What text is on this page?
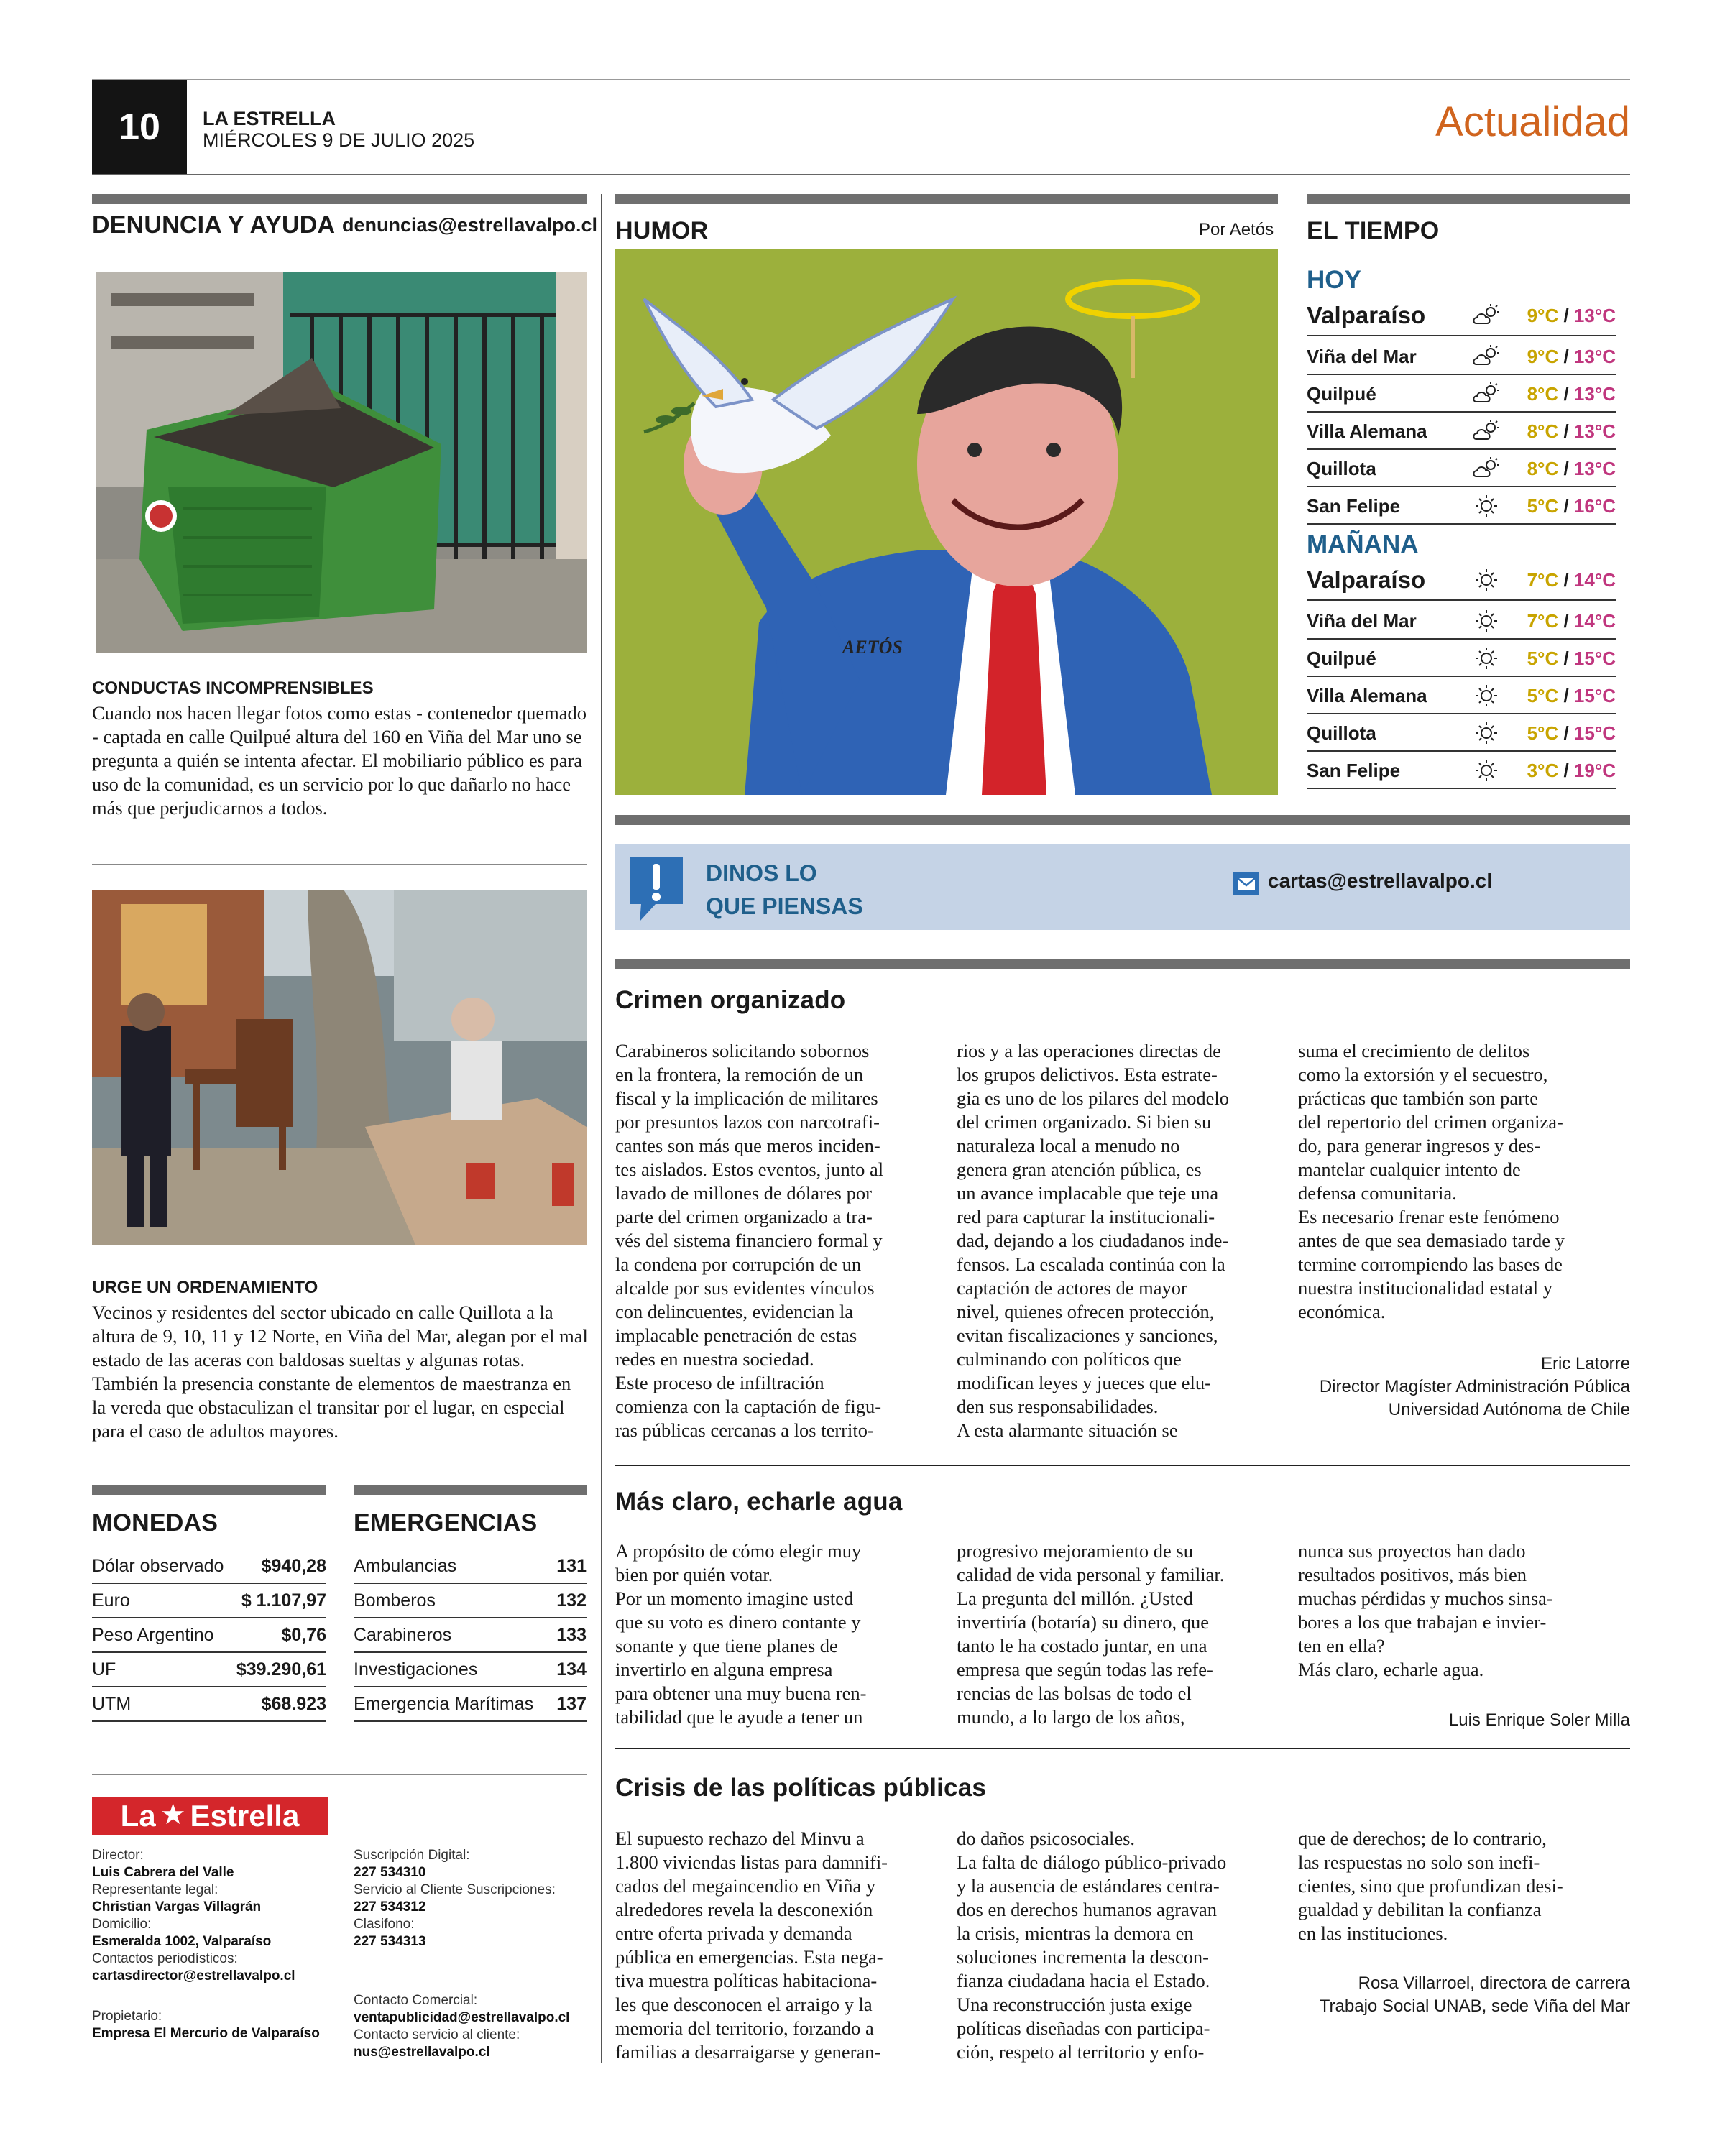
10	LA ESTRELLA
MIÉRCOLES 9 DE JULIO 2025	Actualidad
DENUNCIA Y AYUDA denuncias@estrellavalpo.cl
CONDUCTAS INCOMPRENSIBLES
Cuando nos hacen llegar fotos como estas - contenedor quemado - captada en calle Quilpué altura del 160 en Viña del Mar uno se pregunta a quién se intenta afectar. El mobiliario público es para uso de la comunidad, es un servicio por lo que dañarlo no hace más que perjudicarnos a todos.
URGE UN ORDENAMIENTO
Vecinos y residentes del sector ubicado en calle Quillota a la altura de 9, 10, 11 y 12 Norte, en Viña del Mar, alegan por el mal estado de las aceras con baldosas sueltas y algunas rotas. También la presencia constante de elementos de maestranza en la vereda que obstaculizan el transitar por el lugar, en especial para el caso de adultos mayores.
MONEDAS
Dólar observado $940,28
Euro	$ 1.107,97
Peso Argentino	$0,76
UF	$39.290,61
UTM	$68.923
EMERGENCIAS
Ambulancias	131
Bomberos	132
Carabineros	133
Investigaciones	134
Emergencia Marítimas 137
La ★ Estrella
Director:
Luis Cabrera del Valle
Representante legal:
Christian Vargas Villagrán
Domicilio:
Esmeralda 1002, Valparaíso
Contactos periodísticos:
cartasdirector@estrellavalpo.cl
Propietario:
Empresa El Mercurio de Valparaíso
Suscripción Digital:
227 534310
Servicio al Cliente Suscripciones:
227 534312
Clasifono:
227 534313
Contacto Comercial:
ventapublicidad@estrellavalpo.cl
Contacto servicio al cliente:
nus@estrellavalpo.cl
HUMOR	Por Aetós
AETÓS
EL TIEMPO
HOY
Valparaíso	9°C / 13°C
Viña del Mar	9°C / 13°C
Quilpué	8°C / 13°C
Villa Alemana	8°C / 13°C
Quillota	8°C / 13°C
San Felipe	5°C / 16°C
MAÑANA
Valparaíso	7°C / 14°C
Viña del Mar	7°C / 14°C
Quilpué	5°C / 15°C
Villa Alemana	5°C / 15°C
Quillota	5°C / 15°C
San Felipe	3°C / 19°C
DINOS LO
QUE PIENSAS
cartas@estrellavalpo.cl
Crimen organizado

Carabineros solicitando sobornos
en la frontera, la remoción de un
fiscal y la implicación de militares
por presuntos lazos con narcotrafi-
cantes son más que meros inciden-
tes aislados. Estos eventos, junto al
lavado de millones de dólares por
parte del crimen organizado a tra-
vés del sistema financiero formal y
la condena por corrupción de un
alcalde por sus evidentes vínculos
con delincuentes, evidencian la
implacable penetración de estas
redes en nuestra sociedad.
Este proceso de infiltración
comienza con la captación de figu-
ras públicas cercanas a los territo-

rios y a las operaciones directas de
los grupos delictivos. Esta estrate-
gia es uno de los pilares del modelo
del crimen organizado. Si bien su
naturaleza local a menudo no
genera gran atención pública, es
un avance implacable que teje una
red para capturar la institucionali-
dad, dejando a los ciudadanos inde-
fensos. La escalada continúa con la
captación de actores de mayor
nivel, quienes ofrecen protección,
evitan fiscalizaciones y sanciones,
culminando con políticos que
modifican leyes y jueces que elu-
den sus responsabilidades.
A esta alarmante situación se

suma el crecimiento de delitos
como la extorsión y el secuestro,
prácticas que también son parte
del repertorio del crimen organiza-
do, para generar ingresos y des-
mantelar cualquier intento de
defensa comunitaria.
Es necesario frenar este fenómeno
antes de que sea demasiado tarde y
termine corrompiendo las bases de
nuestra institucionalidad estatal y
económica.

Eric Latorre
Director Magíster Administración Pública
Universidad Autónoma de Chile
Más claro, echarle agua

A propósito de cómo elegir muy
bien por quién votar.
Por un momento imagine usted
que su voto es dinero contante y
sonante y que tiene planes de
invertirlo en alguna empresa
para obtener una muy buena ren-
tabilidad que le ayude a tener un

progresivo mejoramiento de su
calidad de vida personal y familiar.
La pregunta del millón. ¿Usted
invertiría (botaría) su dinero, que
tanto le ha costado juntar, en una
empresa que según todas las refe-
rencias de las bolsas de todo el
mundo, a lo largo de los años,

nunca sus proyectos han dado
resultados positivos, más bien
muchas pérdidas y muchos sinsa-
bores a los que trabajan e invier-
ten en ella?
Más claro, echarle agua.

Luis Enrique Soler Milla
Crisis de las políticas públicas

El supuesto rechazo del Minvu a
1.800 viviendas listas para damnifi-
cados del megaincendio en Viña y
alrededores revela la desconexión
entre oferta privada y demanda
pública en emergencias. Esta nega-
tiva muestra políticas habitaciona-
les que desconocen el arraigo y la
memoria del territorio, forzando a
familias a desarraigarse y generan-

do daños psicosociales.
La falta de diálogo público-privado
y la ausencia de estándares centra-
dos en derechos humanos agravan
la crisis, mientras la demora en
soluciones incrementa la descon-
fianza ciudadana hacia el Estado.
Una reconstrucción justa exige
políticas diseñadas con participa-
ción, respeto al territorio y enfo-

que de derechos; de lo contrario,
las respuestas no solo son inefi-
cientes, sino que profundizan desi-
gualdad y debilitan la confianza
en las instituciones.

Rosa Villarroel, directora de carrera
Trabajo Social UNAB, sede Viña del Mar
